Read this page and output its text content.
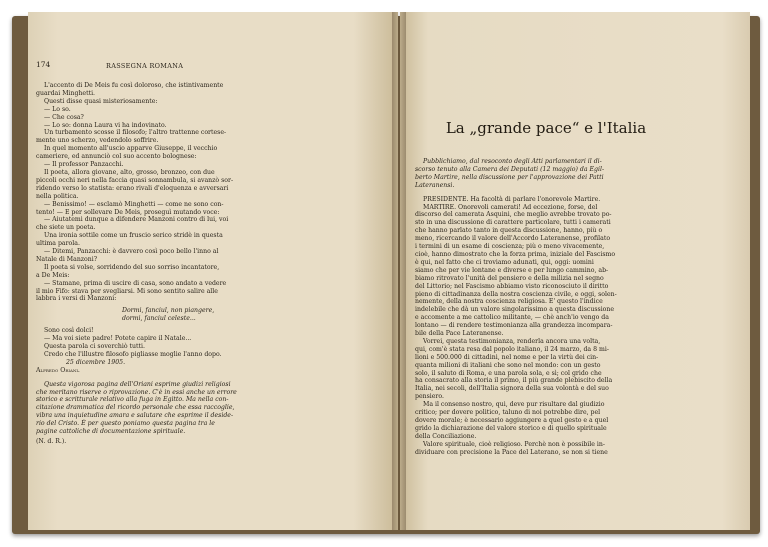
174	RASSEGNA ROMANA

L'accento di De Meis fu così doloroso, che istintivamente

guardai Minghetti.

Questi disse quasi misteriosamente:

— Lo so.

— Che cosa?

— Lo so: donna Laura vi ha indovinato.

Un turbamento scosse il filosofo; l'altro trattenne cortese-

mente uno scherzo, vedendolo soffrire.

In quel momento all'uscio apparve Giuseppe, il vecchio

cameriere, ed annunciò col suo accento bolognese:

— Il professor Panzacchi.

Il poeta, allora giovane, alto, grosso, bronzeo, con due

piccoli occhi neri nella faccia quasi sonnambula, si avanzò sor-

ridendo verso lo statista: erano rivali d'eloquenza e avversari

nella politica.

— Benissimo! — esclamò Minghetti — come ne sono con-

tento! — E per sollevare De Meis, proseguì mutando voce:

— Aiutatemi dunque a difendere Manzoni contro di lui, voi

che siete un poeta.

Una ironia sottile come un fruscio serico stridè in questa

ultima parola.

— Ditemi, Panzacchi: è davvero così poco bello l'inno al

Natale di Manzoni?

Il poeta si volse, sorridendo del suo sorriso incantatore,

a De Meis:

— Stamane, prima di uscire di casa, sono andato a vedere

il mio Fifo: stava per svegliarsi. Mi sono sentito salire alle

labbra i versi di Manzoni:

Dormi, fanciul, non piangere,

dormi, fanciul celeste...

Sono così dolci!

— Ma voi siete padre! Potete capire il Natale...

Questa parola ci soverchiò tutti.

Credo che l'illustre filosofo pigliasse moglie l'anno dopo.

25 dicembre 1905.

Alfredo Oriani.

Questa vigorosa pagina dell'Oriani esprime giudizi religiosi

che meritano riserve o riprovazione. C'è in essi anche un errore

storico e scritturale relativo alla fuga in Egitto. Ma nella con-

citazione drammatica del ricordo personale che essa raccoglie,

vibra una inquietudine amara e salutare che esprime il deside-

rio del Cristo. È per questo poniamo questa pagina tra le

pagine cattoliche di documentazione spirituale.

(N. d. R.).

La „grande pace“ e l'Italia

Pubblichiamo, dal resoconto degli Atti parlamentari il di-

scorso tenuto alla Camera dei Deputati (12 maggio) da Egil-

berto Martire, nella discussione per l'approvazione dei Patti

Lateranensi.

PRESIDENTE. Ha facoltà di parlare l'onorevole Martire.

MARTIRE. Onorevoli camerati! Ad eccezione, forse, del

discorso del camerata Asquini, che meglio avrebbe trovato po-

sto in una discussione di carattere particolare, tutti i camerati

che hanno parlato tanto in questa discussione, hanno, più o

meno, ricercando il valore dell'Accordo Lateranense, profilato

i termini di un esame di coscienza; più o meno vivacemente,

cioè, hanno dimostrato che la forza prima, iniziale del Fascismo

è qui, nel fatto che ci troviamo adunati, qui, oggi: uomini

siamo che per vie lontane e diverse e per lungo cammino, ab-

biamo ritrovato l'unità del pensiero e della milizia nel segno

del Littorio; nel Fascismo abbiamo visto riconosciuto il diritto

pieno di cittadinanza della nostra coscienza civile, e oggi, solen-

nemente, della nostra coscienza religiosa. E' questo l'indice

indelebile che dà un valore singolarissimo a questa discussione

e accomente a me cattolico militante, — chè anch'io vengo da

lontano — di rendere testimonianza alla grandezza incompara-

bile della Pace Lateranense.

Vorrei, questa testimonianza, renderla ancora una volta,

qui, com'è stata resa dal popolo italiano, il 24 marzo, da 8 mi-

lioni e 500.000 di cittadini, nel nome e per la virtù dei cin-

quanta milioni di italiani che sono nel mondo: con un gesto

solo, il saluto di Roma, e una parola sola, e sì; col grido che

ha consacrato alla storia il primo, il più grande plebiscito della

Italia, nei secoli, dell'Italia signora della sua volontà e del suo

pensiero.

Ma il consenso nostro, qui, deve pur risultare dal giudizio

critico; per dovere politico, taluno di noi potrebbe dire, pel

dovere morale; è necessario aggiungere a quel gesto e a quel

grido la dichiarazione del valore storico e di quello spirituale

della Conciliazione.

Valore spirituale, cioè religioso. Perchè non è possibile in-

dividuare con precisione la Pace del Laterano, se non si tiene
